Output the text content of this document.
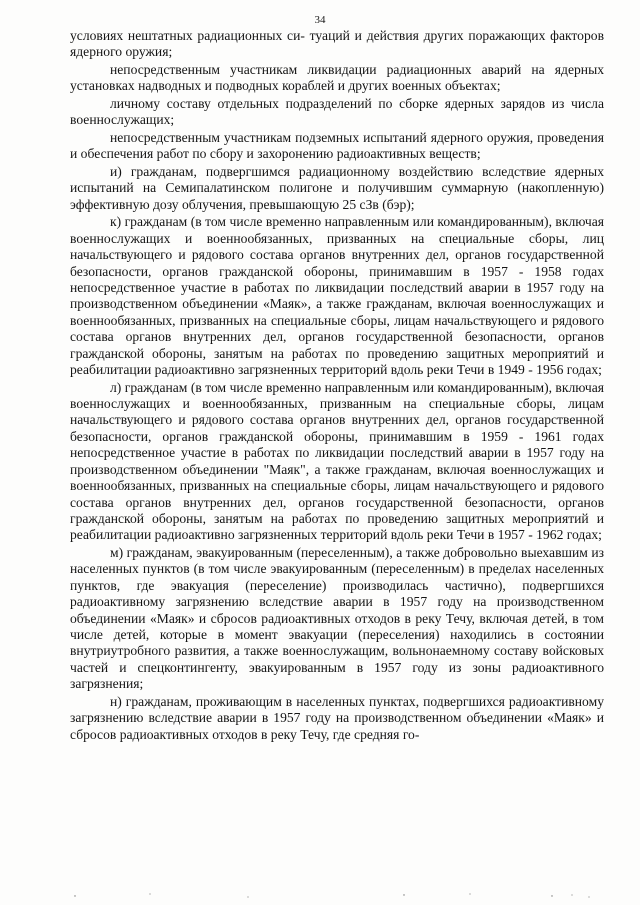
34

условиях нештатных радиационных си- туаций и действия других поражающих факторов ядерного оружия;

непосредственным участникам ликвидации радиационных аварий на ядерных установках надводных и подводных кораблей и других военных объектах;

личному составу отдельных подразделений по сборке ядерных зарядов из числа военнослужащих;

непосредственным участникам подземных испытаний ядерного оружия, проведения и обеспечения работ по сбору и захоронению радиоактивных веществ;

и) гражданам, подвергшимся радиационному воздействию вследствие ядерных испытаний на Семипалатинском полигоне и получившим суммарную (накопленную) эффективную дозу облучения, превышающую 25 сЗв (бэр);

к) гражданам (в том числе временно направленным или командированным), включая военнослужащих и военнообязанных, призванных на специальные сборы, лиц начальствующего и рядового состава органов внутренних дел, органов государственной безопасности, органов гражданской обороны, принимавшим в 1957 - 1958 годах непосредственное участие в работах по ликвидации последствий аварии в 1957 году на производственном объединении «Маяк», а также гражданам, включая военнослужащих и военнообязанных, призванных на специальные сборы, лицам начальствующего и рядового состава органов внутренних дел, органов государственной безопасности, органов гражданской обороны, занятым на работах по проведению защитных мероприятий и реабилитации радиоактивно загрязненных территорий вдоль реки Течи в 1949 - 1956 годах;

л) гражданам (в том числе временно направленным или командированным), включая военнослужащих и военнообязанных, призванным на специальные сборы, лицам начальствующего и рядового состава органов внутренних дел, органов государственной безопасности, органов гражданской обороны, принимавшим в 1959 - 1961 годах непосредственное участие в работах по ликвидации последствий аварии в 1957 году на производственном объединении "Маяк", а также гражданам, включая военнослужащих и военнообязанных, призванных на специальные сборы, лицам начальствующего и рядового состава органов внутренних дел, органов государственной безопасности, органов гражданской обороны, занятым на работах по проведению защитных мероприятий и реабилитации радиоактивно загрязненных территорий вдоль реки Течи в 1957 - 1962 годах;

м) гражданам, эвакуированным (переселенным), а также добровольно выехавшим из населенных пунктов (в том числе эвакуированным (переселенным) в пределах населенных пунктов, где эвакуация (переселение) производилась частично), подвергшихся радиоактивному загрязнению вследствие аварии в 1957 году на производственном объединении «Маяк» и сбросов радиоактивных отходов в реку Течу, включая детей, в том числе детей, которые в момент эвакуации (переселения) находились в состоянии внутриутробного развития, а также военнослужащим, вольнонаемному составу войсковых частей и спецконтингенту, эвакуированным в 1957 году из зоны радиоактивного загрязнения;

н) гражданам, проживающим в населенных пунктах, подвергшихся радиоактивному загрязнению вследствие аварии в 1957 году на производственном объединении «Маяк» и сбросов радиоактивных отходов в реку Течу, где средняя го-
